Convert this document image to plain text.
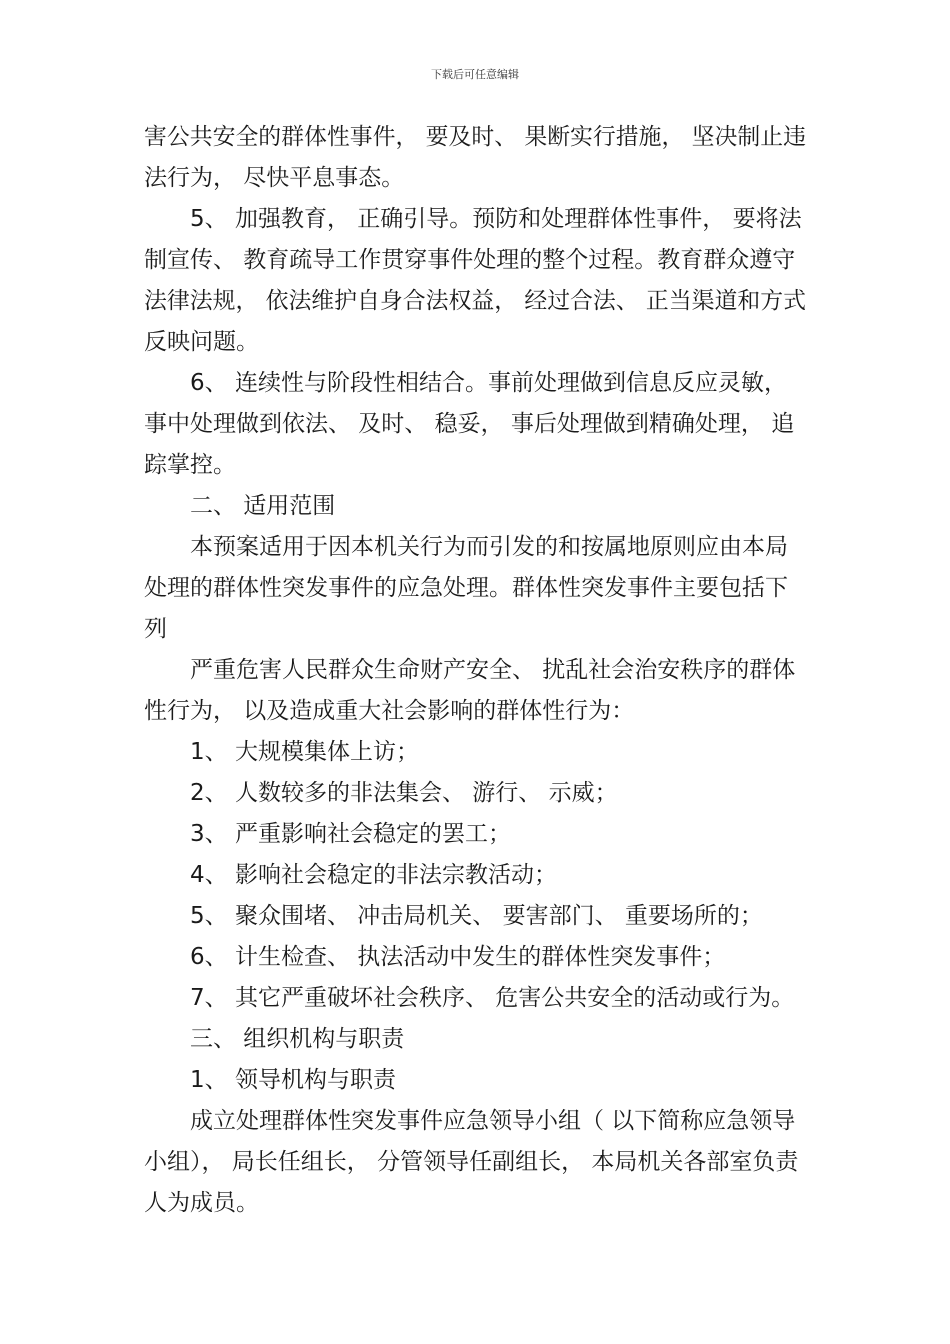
下载后可任意编辑
害公共安全的群体性事件， 要及时、 果断实行措施， 坚决制止违
法行为， 尽快平息事态。
5、 加强教育， 正确引导。预防和处理群体性事件， 要将法
制宣传、 教育疏导工作贯穿事件处理的整个过程。教育群众遵守
法律法规， 依法维护自身合法权益， 经过合法、 正当渠道和方式
反映问题。
6、 连续性与阶段性相结合。事前处理做到信息反应灵敏，
事中处理做到依法、 及时、 稳妥， 事后处理做到精确处理， 追
踪掌控。
二、 适用范围
本预案适用于因本机关行为而引发的和按属地原则应由本局
处理的群体性突发事件的应急处理。群体性突发事件主要包括下
列
严重危害人民群众生命财产安全、 扰乱社会治安秩序的群体
性行为， 以及造成重大社会影响的群体性行为：
1、 大规模集体上访；
2、 人数较多的非法集会、 游行、 示威；
3、 严重影响社会稳定的罢工；
4、 影响社会稳定的非法宗教活动；
5、 聚众围堵、 冲击局机关、 要害部门、 重要场所的；
6、 计生检查、 执法活动中发生的群体性突发事件；
7、 其它严重破坏社会秩序、 危害公共安全的活动或行为。
三、 组织机构与职责
1、 领导机构与职责
成立处理群体性突发事件应急领导小组（ 以下简称应急领导
小组）， 局长任组长， 分管领导任副组长， 本局机关各部室负责
人为成员。
